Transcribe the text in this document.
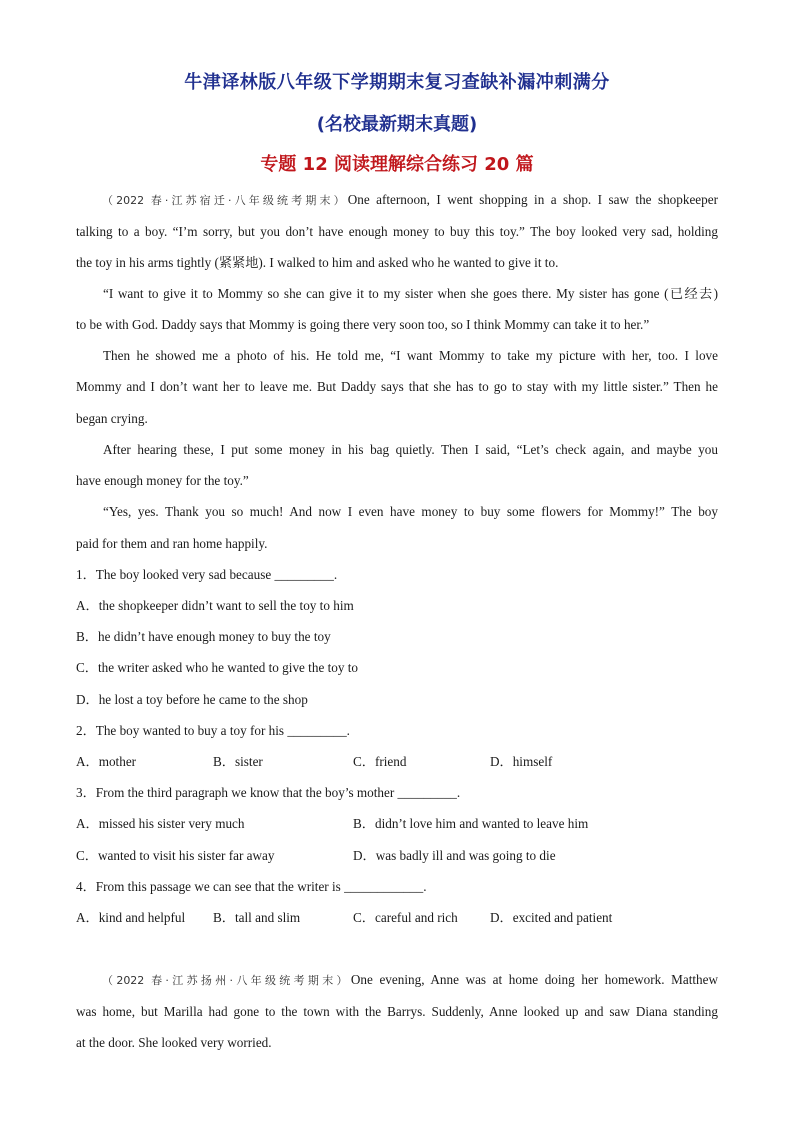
牛津译林版八年级下学期期末复习查缺补漏冲刺满分
(名校最新期末真题)
专题 12 阅读理解综合练习 20 篇
（2022 春·江苏宿迁·八年级统考期末）One afternoon, I went shopping in a shop. I saw the shopkeeper
talking to a boy. “I’m sorry, but you don’t have enough money to buy this toy.” The boy looked very sad, holding
the toy in his arms tightly (紧紧地). I walked to him and asked who he wanted to give it to.
“I want to give it to Mommy so she can give it to my sister when she goes there. My sister has gone (已经去)
to be with God. Daddy says that Mommy is going there very soon too, so I think Mommy can take it to her.”
Then he showed me a photo of his. He told me, “I want Mommy to take my picture with her, too. I love
Mommy and I don’t want her to leave me. But Daddy says that she has to go to stay with my little sister.” Then he
began crying.
After hearing these, I put some money in his bag quietly. Then I said, “Let’s check again, and maybe you
have enough money for the toy.”
“Yes, yes. Thank you so much! And now I even have money to buy some flowers for Mommy!” The boy
paid for them and ran home happily.
1．The boy looked very sad because _________.
A．the shopkeeper didn’t want to sell the toy to him
B．he didn’t have enough money to buy the toy
C．the writer asked who he wanted to give the toy to
D．he lost a toy before he came to the shop
2．The boy wanted to buy a toy for his _________.
A．mother	B．sister	C．friend	D．himself
3．From the third paragraph we know that the boy’s mother _________.
A．missed his sister very much	B．didn’t love him and wanted to leave him
C．wanted to visit his sister far away	D．was badly ill and was going to die
4．From this passage we can see that the writer is ____________.
A．kind and helpful B．tall and slim	C．careful and rich D．excited and patient
（2022 春·江苏扬州·八年级统考期末）One evening, Anne was at home doing her homework. Matthew
was home, but Marilla had gone to the town with the Barrys. Suddenly, Anne looked up and saw Diana standing
at the door. She looked very worried.
